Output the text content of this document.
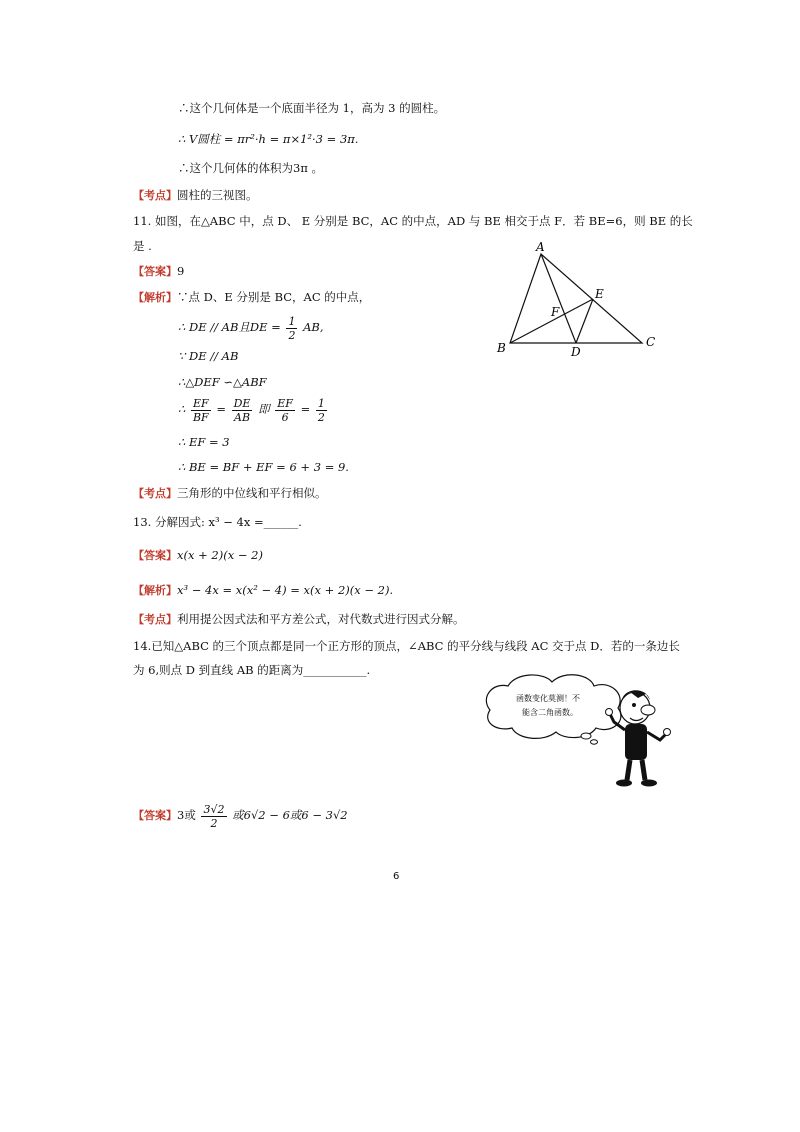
∴这个几何体是一个底面半径为 1，高为 3 的圆柱。
∴ V圆柱 = πr²·h = π×1²·3 = 3π.
∴这个几何体的体积为3π 。
【考点】圆柱的三视图。
11. 如图，在△ABC 中，点 D、 E 分别是 BC，AC 的中点，AD 与 BE 相交于点 F．若 BE=6，则 BE 的长
是 .	A
B	C
D
E
F
【答案】9
【解析】∵点 D、E 分别是 BC，AC 的中点，
∴ DE // AB且DE = $\frac{1}{2}$ AB,
∵ DE // AB
∴△DEF ∽△ABF
∴ $\frac{EF}{BF} = \frac{DE}{AB}$ 即 $\frac{EF}{6} = \frac{1}{2}$
∴ EF = 3
∴ BE = BF + EF = 6 + 3 = 9.
【考点】三角形的中位线和平行相似。
13. 分解因式: x³ − 4x =______.
【答案】x(x + 2)(x − 2)
【解析】x³ − 4x = x(x² − 4) = x(x + 2)(x − 2).
【考点】利用提公因式法和平方差公式，对代数式进行因式分解。
14.已知△ABC 的三个顶点都是同一个正方形的顶点，∠ABC 的平分线与线段 AC 交于点 D．若的一条边长
为 6,则点 D 到直线 AB 的距离为___________.
函数变化莫测！不
能含二角函数。
【答案】3或 $\frac{3√2}{2}$ 或6√2 − 6或6 − 3√2
6
